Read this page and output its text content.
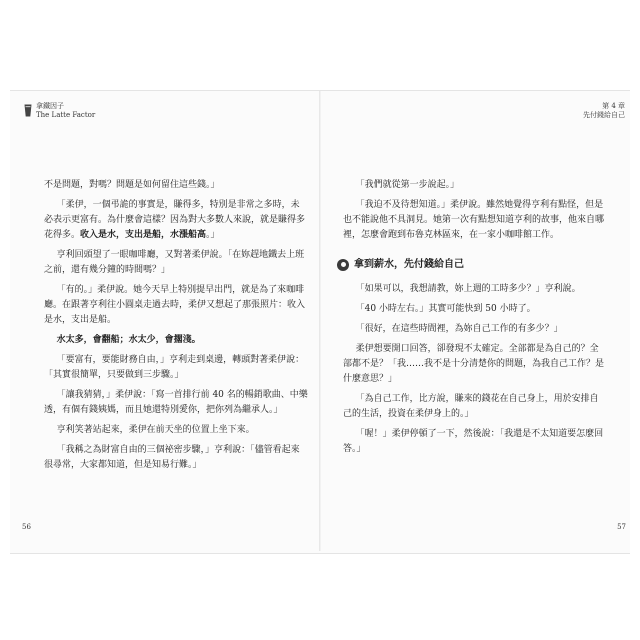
拿鐵因子
The Latte Factor
第 4 章
先付錢給自己

不是問題，對嗎？問題是如何留住這些錢。」

「柔伊，一個弔詭的事實是，賺得多，特別是非常之多時，未必表示更富有。為什麼會這樣？因為對大多數人來說，就是賺得多花得多。收入是水，支出是船，水漲船高。」

亨利回頭望了一眼咖啡廳，又對著柔伊說。「在妳趕地鐵去上班之前，還有幾分鐘的時間嗎？」

「有的。」柔伊說。她今天早上特別提早出門，就是為了來咖啡廳。在跟著亨利往小圓桌走過去時，柔伊又想起了那張照片：收入是水，支出是船。

水太多，會翻船；水太少，會擱淺。

「要富有，要能財務自由，」亨利走到桌邊，轉頭對著柔伊說：「其實很簡單，只要做到三步驟。」

「讓我猜猜，」柔伊說：「寫一首排行前 40 名的暢銷歌曲、中樂透，有個有錢姨媽，而且她還特別愛你，把你列為繼承人。」

亨利笑著站起來，柔伊在前天坐的位置上坐下來。

「我稱之為財富自由的三個祕密步驟，」亨利說：「儘管看起來很尋常，大家都知道，但是知易行難。」

「我們就從第一步說起。」

「我迫不及待想知道。」柔伊說。雖然她覺得亨利有點怪，但是也不能說他不具洞見。她第一次有點想知道亨利的故事，他來自哪裡，怎麼會跑到布魯克林區來，在一家小咖啡館工作。

拿到薪水，先付錢給自己

「如果可以，我想請教，妳上週的工時多少？」亨利說。

「40 小時左右。」其實可能快到 50 小時了。

「很好，在這些時間裡，為妳自己工作的有多少？」

柔伊想要開口回答，卻發現不太確定。全部都是為自己的？全部都不是？「我……我不是十分清楚你的問題，為我自己工作？是什麼意思？」

「為自己工作，比方說，賺來的錢花在自己身上，用於安排自己的生活，投資在柔伊身上的。」

「喔！」柔伊停頓了一下，然後說：「我還是不太知道要怎麼回答。」

56	57
